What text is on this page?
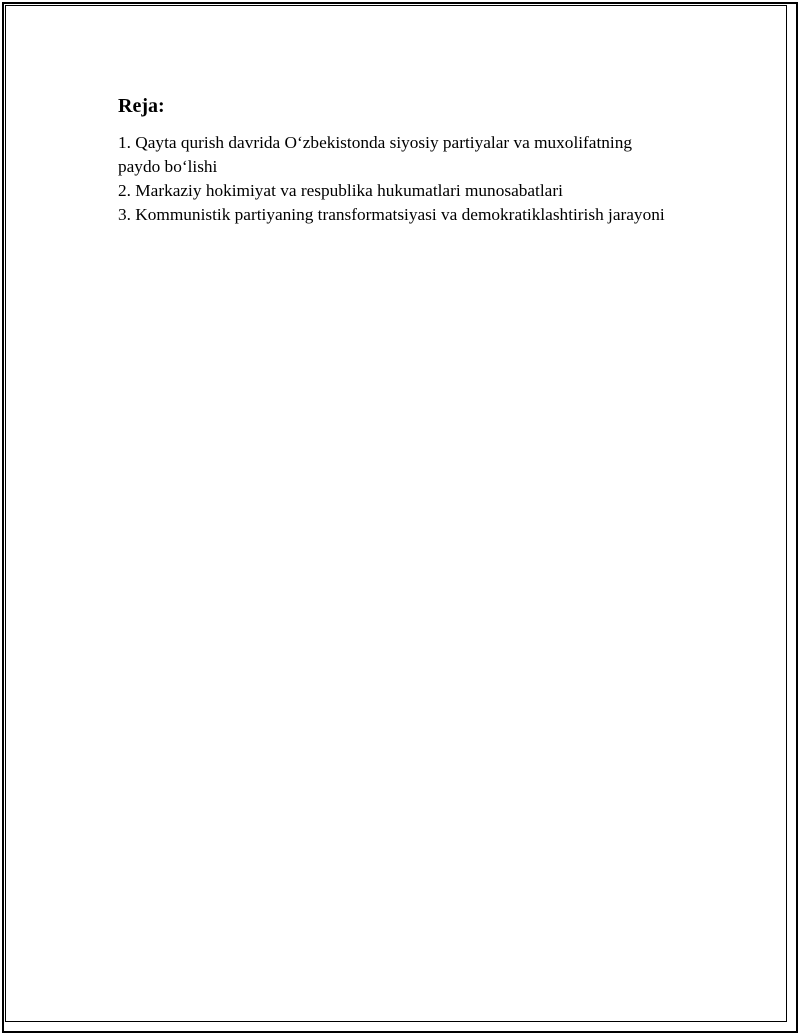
Reja:
1. Qayta qurish davrida O‘zbekistonda siyosiy partiyalar va muxolifatning paydo bo‘lishi
2. Markaziy hokimiyat va respublika hukumatlari munosabatlari
3. Kommunistik partiyaning transformatsiyasi va demokratiklashtirish jarayoni
